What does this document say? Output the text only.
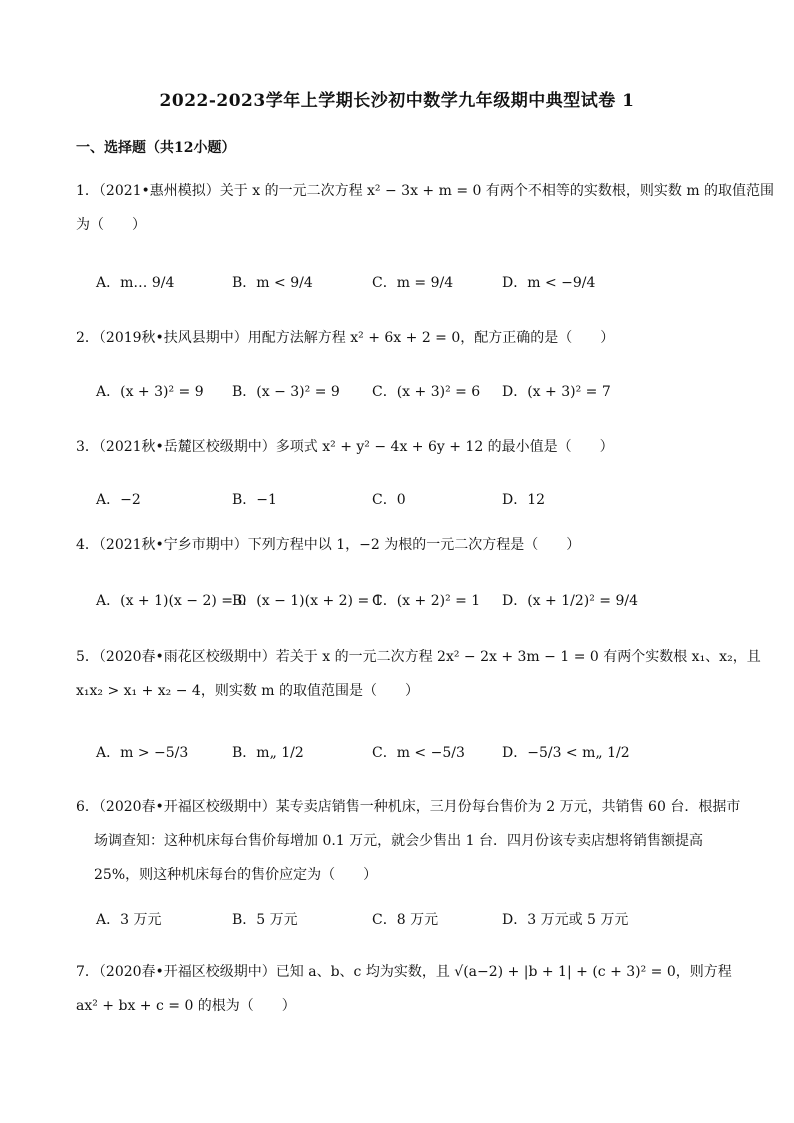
2022-2023学年上学期长沙初中数学九年级期中典型试卷 1
一、选择题（共12小题）
1．（2021•惠州模拟）关于 x 的一元二次方程 x² − 3x + m = 0 有两个不相等的实数根，则实数 m 的取值范围
为（　　）
A．m… 9/4	B．m < 9/4	C．m = 9/4	D．m < −9/4
2．（2019秋•扶风县期中）用配方法解方程 x² + 6x + 2 = 0，配方正确的是（　　）
A．(x + 3)² = 9 B．(x − 3)² = 9 C．(x + 3)² = 6 D．(x + 3)² = 7
3．（2021秋•岳麓区校级期中）多项式 x² + y² − 4x + 6y + 12 的最小值是（　　）
A．−2	B．−1	C．0	D．12
4．（2021秋•宁乡市期中）下列方程中以 1，−2 为根的一元二次方程是（　　）
A．(x + 1)(x − 2) = 0
B．(x − 1)(x + 2) = 1
C．(x + 2)² = 1 D．(x + 1/2)² = 9/4
5．（2020春•雨花区校级期中）若关于 x 的一元二次方程 2x² − 2x + 3m − 1 = 0 有两个实数根 x₁、x₂，且
x₁x₂ > x₁ + x₂ − 4，则实数 m 的取值范围是（　　）
A．m > −5/3	B．m„ 1/2	C．m < −5/3	D．−5/3 < m„ 1/2
6．（2020春•开福区校级期中）某专卖店销售一种机床，三月份每台售价为 2 万元，共销售 60 台．根据市
场调查知：这种机床每台售价每增加 0.1 万元，就会少售出 1 台．四月份该专卖店想将销售额提高
25%，则这种机床每台的售价应定为（　　）
A．3 万元	B．5 万元	C．8 万元	D．3 万元或 5 万元
7．（2020春•开福区校级期中）已知 a、b、c 均为实数，且 √(a−2) + |b + 1| + (c + 3)² = 0，则方程
ax² + bx + c = 0 的根为（　　）
